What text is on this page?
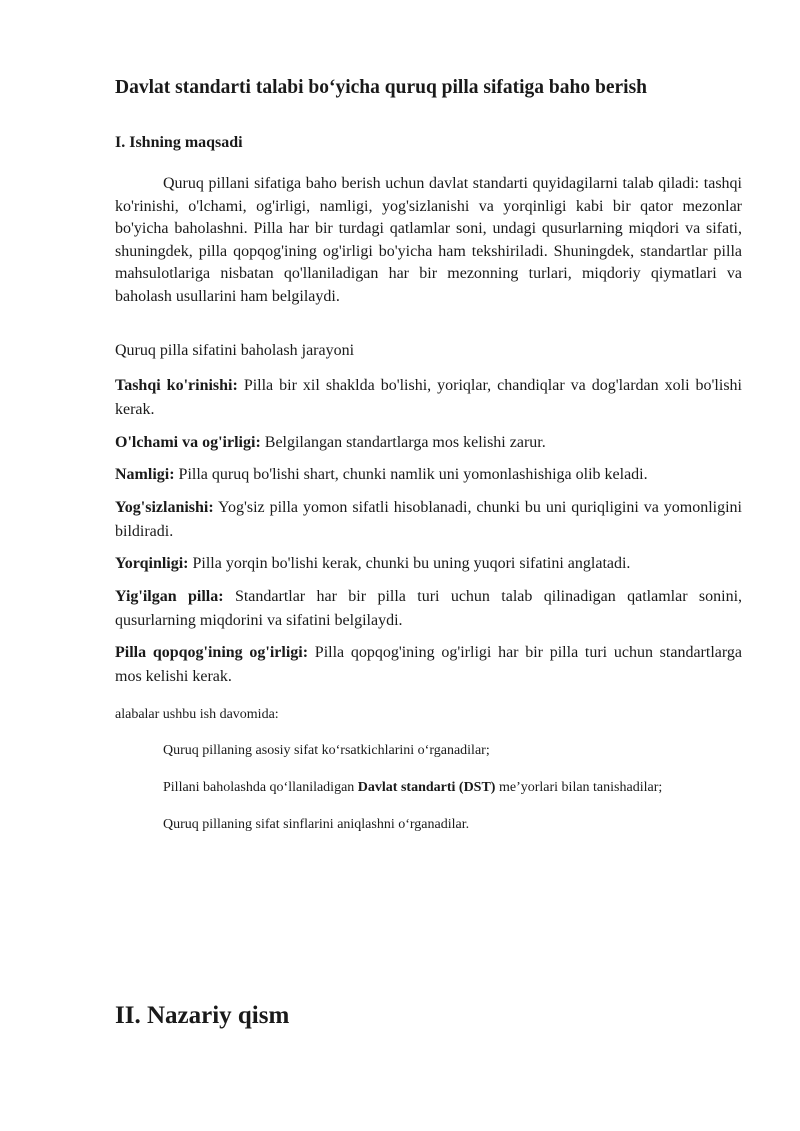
Davlat standarti talabi bo‘yicha quruq pilla sifatiga baho berish
I. Ishning maqsadi

Quruq pillani sifatiga baho berish uchun davlat standarti quyidagilarni talab qiladi: tashqi ko'rinishi, o'lchami, og'irligi, namligi, yog'sizlanishi va yorqinligi kabi bir qator mezonlar bo'yicha baholashni. Pilla har bir turdagi qatlamlar soni, undagi qusurlarning miqdori va sifati, shuningdek, pilla qopqog'ining og'irligi bo'yicha ham tekshiriladi. Shuningdek, standartlar pilla mahsulotlariga nisbatan qo'llaniladigan har bir mezonning turlari, miqdoriy qiymatlari va baholash usullarini ham belgilaydi.

Quruq pilla sifatini baholash jarayoni

Tashqi ko'rinishi: Pilla bir xil shaklda bo'lishi, yoriqlar, chandiqlar va dog'lardan xoli bo'lishi kerak.
O'lchami va og'irligi: Belgilangan standartlarga mos kelishi zarur.
Namligi: Pilla quruq bo'lishi shart, chunki namlik uni yomonlashishiga olib keladi.
Yog'sizlanishi: Yog'siz pilla yomon sifatli hisoblanadi, chunki bu uni quriqligini va yomonligini bildiradi.
Yorqinligi: Pilla yorqin bo'lishi kerak, chunki bu uning yuqori sifatini anglatadi.
Yig'ilgan pilla: Standartlar har bir pilla turi uchun talab qilinadigan qatlamlar sonini, qusurlarning miqdorini va sifatini belgilaydi.
Pilla qopqog'ining og'irligi: Pilla qopqog'ining og'irligi har bir pilla turi uchun standartlarga mos kelishi kerak.

alabalar ushbu ish davomida:

Quruq pillaning asosiy sifat ko‘rsatkichlarini o‘rganadilar;
Pillani baholashda qo‘llaniladigan Davlat standarti (DST) me’yorlari bilan tanishadilar;
Quruq pillaning sifat sinflarini aniqlashni o‘rganadilar.
II. Nazariy qism
